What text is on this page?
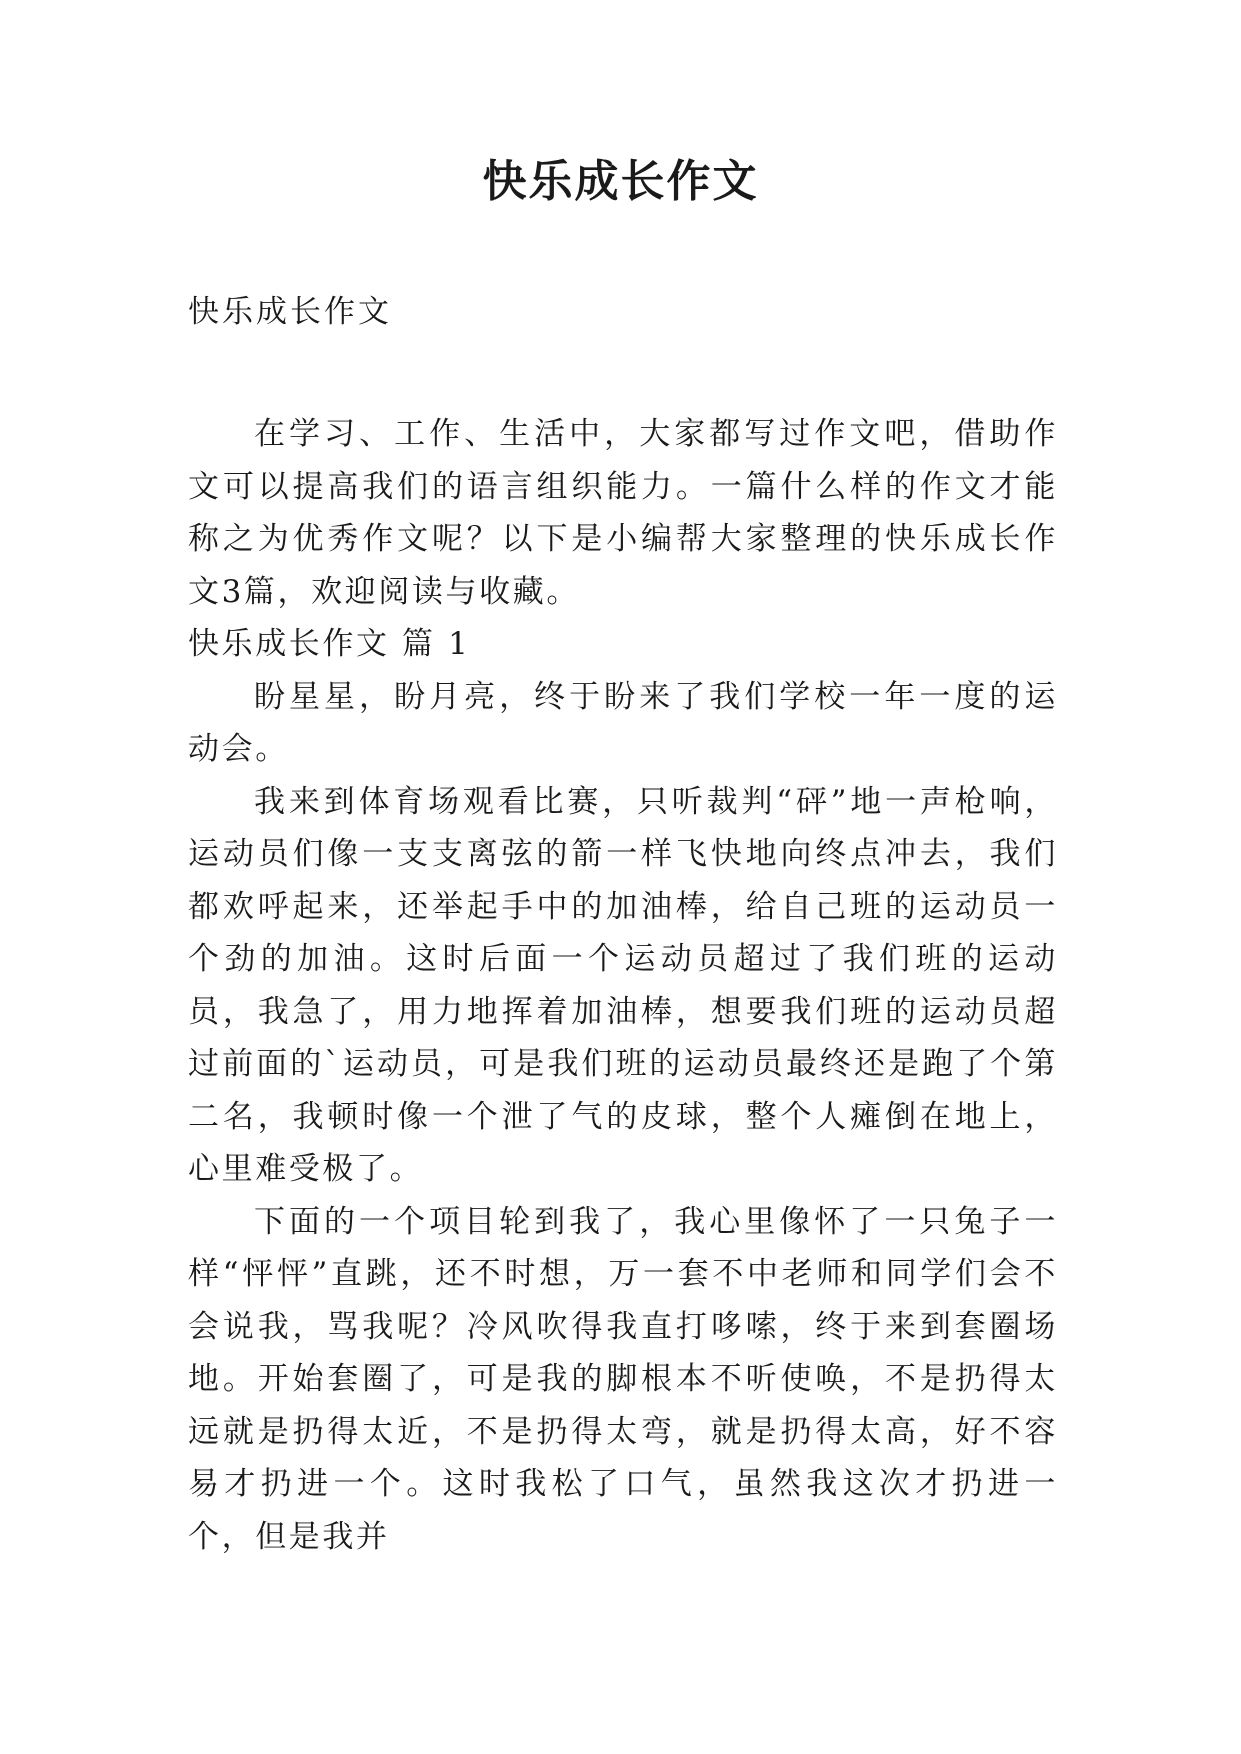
快乐成长作文
快乐成长作文

在学习、工作、生活中，大家都写过作文吧，借助作文可以提高我们的语言组织能力。一篇什么样的作文才能称之为优秀作文呢？以下是小编帮大家整理的快乐成长作文3篇，欢迎阅读与收藏。

快乐成长作文 篇 1

盼星星，盼月亮，终于盼来了我们学校一年一度的运动会。

我来到体育场观看比赛，只听裁判“砰”地一声枪响，运动员们像一支支离弦的箭一样飞快地向终点冲去，我们都欢呼起来，还举起手中的加油棒，给自己班的运动员一个劲的加油。这时后面一个运动员超过了我们班的运动员，我急了，用力地挥着加油棒，想要我们班的运动员超过前面的`运动员，可是我们班的运动员最终还是跑了个第二名，我顿时像一个泄了气的皮球，整个人瘫倒在地上，心里难受极了。

下面的一个项目轮到我了，我心里像怀了一只兔子一样“怦怦”直跳，还不时想，万一套不中老师和同学们会不会说我，骂我呢？冷风吹得我直打哆嗦，终于来到套圈场地。开始套圈了，可是我的脚根本不听使唤，不是扔得太远就是扔得太近，不是扔得太弯，就是扔得太高，好不容易才扔进一个。这时我松了口气，虽然我这次才扔进一个，但是我并
